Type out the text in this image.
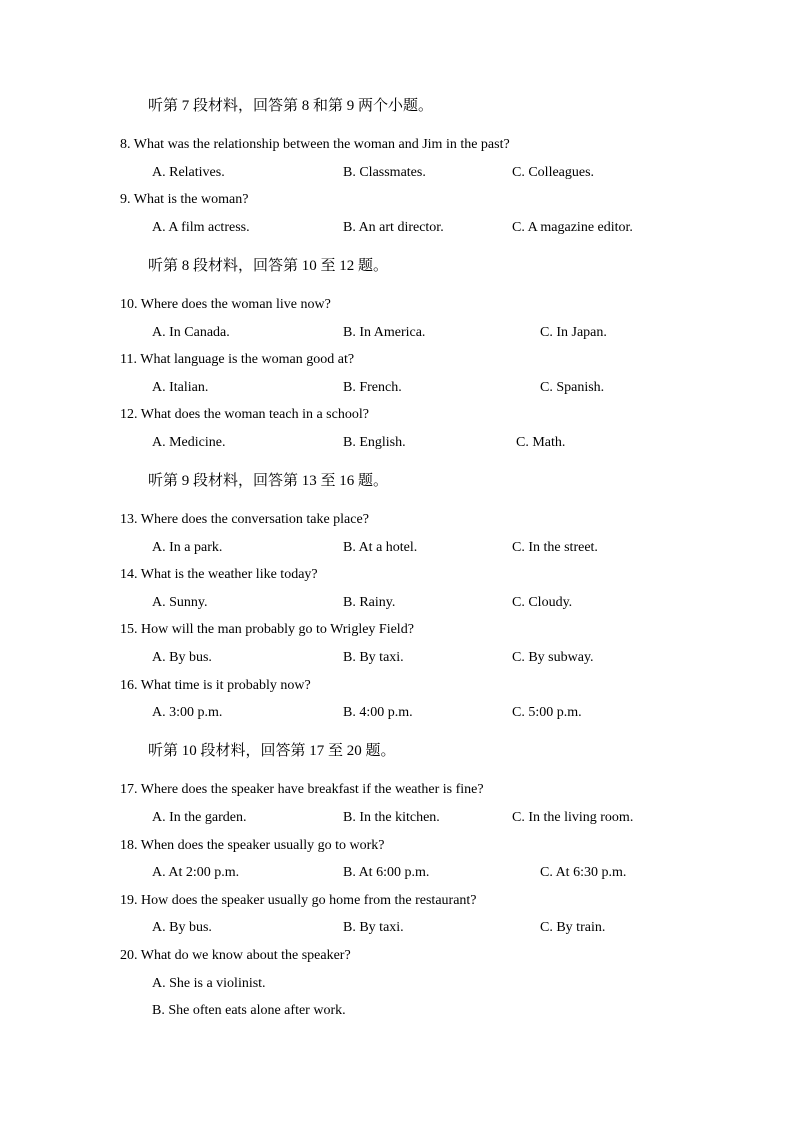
听第 7 段材料，回答第 8 和第 9 两个小题。
8. What was the relationship between the woman and Jim in the past?
A. Relatives.	B. Classmates.	C. Colleagues.
9. What is the woman?
A. A film actress.	B. An art director.	C. A magazine editor.
听第 8 段材料，回答第 10 至 12 题。
10. Where does the woman live now?
A. In Canada.	B. In America.	C. In Japan.
11. What language is the woman good at?
A. Italian.	B. French.	C. Spanish.
12. What does the woman teach in a school?
A. Medicine.	B. English.	C. Math.
听第 9 段材料，回答第 13 至 16 题。
13. Where does the conversation take place?
A. In a park.	B. At a hotel.	C. In the street.
14. What is the weather like today?
A. Sunny.	B. Rainy.	C. Cloudy.
15. How will the man probably go to Wrigley Field?
A. By bus.	B. By taxi.	C. By subway.
16. What time is it probably now?
A. 3:00 p.m.	B. 4:00 p.m.	C. 5:00 p.m.
听第 10 段材料，回答第 17 至 20 题。
17. Where does the speaker have breakfast if the weather is fine?
A. In the garden.	B. In the kitchen.	C. In the living room.
18. When does the speaker usually go to work?
A. At 2:00 p.m.	B. At 6:00 p.m.	C. At 6:30 p.m.
19. How does the speaker usually go home from the restaurant?
A. By bus.	B. By taxi.	C. By train.
20. What do we know about the speaker?
A. She is a violinist.
B. She often eats alone after work.
